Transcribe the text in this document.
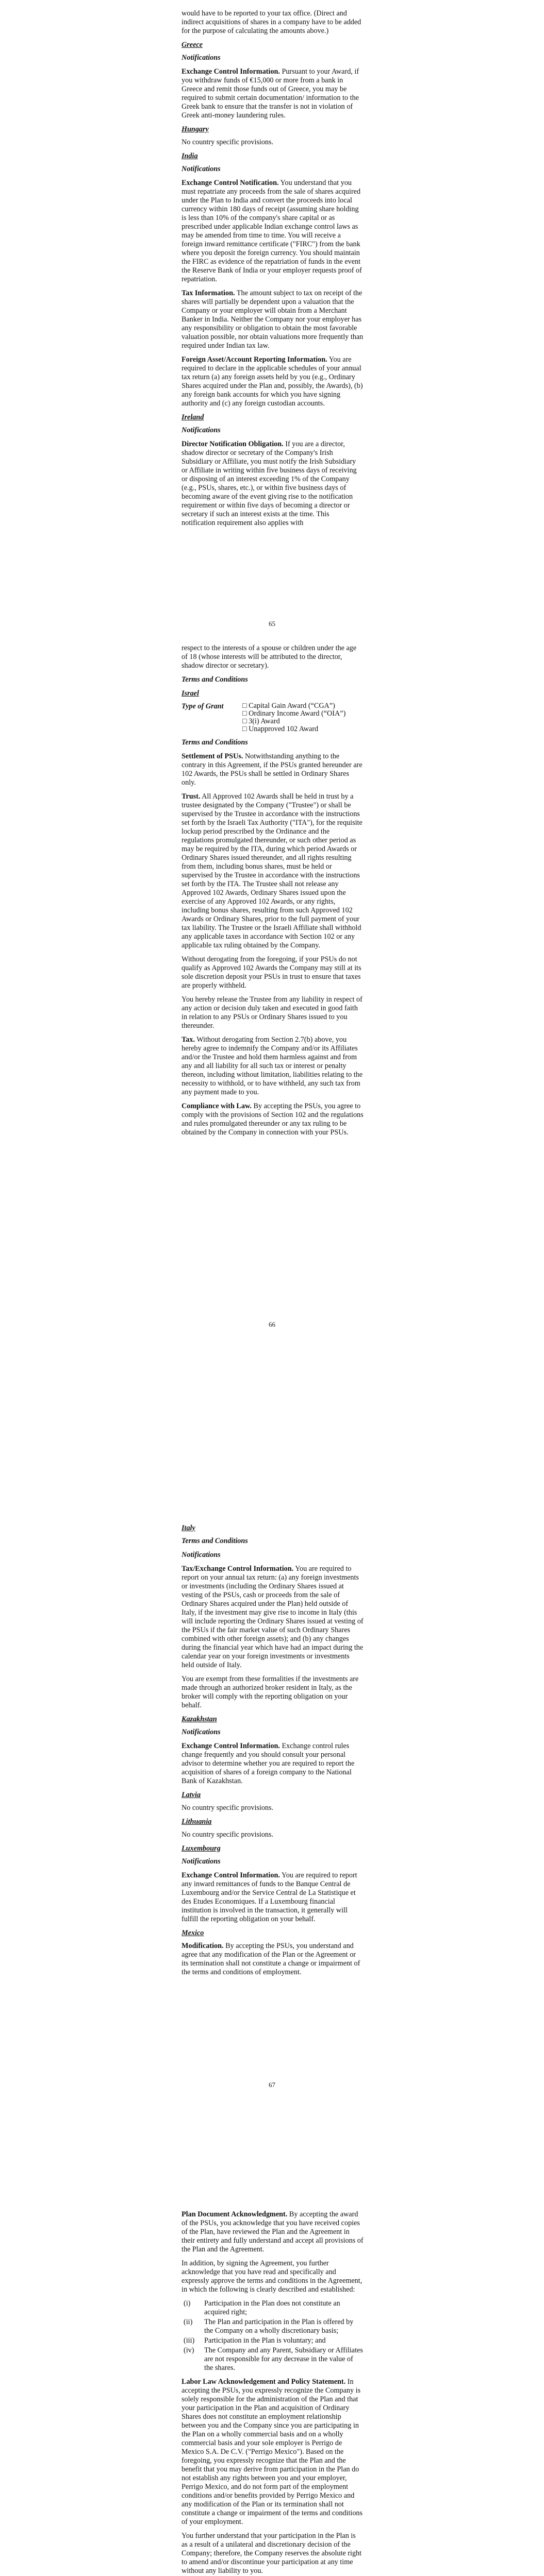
would have to be reported to your tax office. (Direct and indirect acquisitions of shares in a company have to be added for the purpose of calculating the amounts above.)

Greece
Notifications

Exchange Control Information. Pursuant to your Award, if you withdraw funds of €15,000 or more from a bank in Greece and remit those funds out of Greece, you may be required to submit certain documentation/ information to the Greek bank to ensure that the transfer is not in violation of Greek anti-money laundering rules.

Hungary

No country specific provisions.

India
Notifications

Exchange Control Notification. You understand that you must repatriate any proceeds from the sale of shares acquired under the Plan to India and convert the proceeds into local currency within 180 days of receipt (assuming share holding is less than 10% of the company's share capital or as prescribed under applicable Indian exchange control laws as may be amended from time to time. You will receive a foreign inward remittance certificate ("FIRC") from the bank where you deposit the foreign currency. You should maintain the FIRC as evidence of the repatriation of funds in the event the Reserve Bank of India or your employer requests proof of repatriation.

Tax Information. The amount subject to tax on receipt of the shares will partially be dependent upon a valuation that the Company or your employer will obtain from a Merchant Banker in India. Neither the Company nor your employer has any responsibility or obligation to obtain the most favorable valuation possible, nor obtain valuations more frequently than required under Indian tax law.

Foreign Asset/Account Reporting Information. You are required to declare in the applicable schedules of your annual tax return (a) any foreign assets held by you (e.g., Ordinary Shares acquired under the Plan and, possibly, the Awards), (b) any foreign bank accounts for which you have signing authority and (c) any foreign custodian accounts.

Ireland
Notifications

Director Notification Obligation. If you are a director, shadow director or secretary of the Company's Irish Subsidiary or Affiliate, you must notify the Irish Subsidiary or Affiliate in writing within five business days of receiving or disposing of an interest exceeding 1% of the Company (e.g., PSUs, shares, etc.), or within five business days of becoming aware of the event giving rise to the notification requirement or within five days of becoming a director or secretary if such an interest exists at the time. This notification requirement also applies with

65

respect to the interests of a spouse or children under the age of 18 (whose interests will be attributed to the director, shadow director or secretary).

Terms and Conditions
Israel
Type of Grant	□ Capital Gain Award (“CGA”)
□ Ordinary Income Award (“OIA”)
□ 3(i) Award
□ Unapproved 102 Award
Terms and Conditions

Settlement of PSUs. Notwithstanding anything to the contrary in this Agreement, if the PSUs granted hereunder are 102 Awards, the PSUs shall be settled in Ordinary Shares only.

Trust. All Approved 102 Awards shall be held in trust by a trustee designated by the Company ("Trustee") or shall be supervised by the Trustee in accordance with the instructions set forth by the Israeli Tax Authority ("ITA"), for the requisite lockup period prescribed by the Ordinance and the regulations promulgated thereunder, or such other period as may be required by the ITA, during which period Awards or Ordinary Shares issued thereunder, and all rights resulting from them, including bonus shares, must be held or supervised by the Trustee in accordance with the instructions set forth by the ITA. The Trustee shall not release any Approved 102 Awards, Ordinary Shares issued upon the exercise of any Approved 102 Awards, or any rights, including bonus shares, resulting from such Approved 102 Awards or Ordinary Shares, prior to the full payment of your tax liability. The Trustee or the Israeli Affiliate shall withhold any applicable taxes in accordance with Section 102 or any applicable tax ruling obtained by the Company.

Without derogating from the foregoing, if your PSUs do not qualify as Approved 102 Awards the Company may still at its sole discretion deposit your PSUs in trust to ensure that taxes are properly withheld.

You hereby release the Trustee from any liability in respect of any action or decision duly taken and executed in good faith in relation to any PSUs or Ordinary Shares issued to you thereunder.

Tax. Without derogating from Section 2.7(b) above, you hereby agree to indemnify the Company and/or its Affiliates and/or the Trustee and hold them harmless against and from any and all liability for all such tax or interest or penalty thereon, including without limitation, liabilities relating to the necessity to withhold, or to have withheld, any such tax from any payment made to you.

Compliance with Law. By accepting the PSUs, you agree to comply with the provisions of Section 102 and the regulations and rules promulgated thereunder or any tax ruling to be obtained by the Company in connection with your PSUs.

66
Italy
Terms and Conditions
Notifications

Tax/Exchange Control Information. You are required to report on your annual tax return: (a) any foreign investments or investments (including the Ordinary Shares issued at vesting of the PSUs, cash or proceeds from the sale of Ordinary Shares acquired under the Plan) held outside of Italy, if the investment may give rise to income in Italy (this will include reporting the Ordinary Shares issued at vesting of the PSUs if the fair market value of such Ordinary Shares combined with other foreign assets); and (b) any changes during the financial year which have had an impact during the calendar year on your foreign investments or investments held outside of Italy.

You are exempt from these formalities if the investments are made through an authorized broker resident in Italy, as the broker will comply with the reporting obligation on your behalf.

Kazakhstan
Notifications

Exchange Control Information. Exchange control rules change frequently and you should consult your personal advisor to determine whether you are required to report the acquisition of shares of a foreign company to the National Bank of Kazakhstan.

Latvia

No country specific provisions.

Lithuania

No country specific provisions.

Luxembourg
Notifications

Exchange Control Information. You are required to report any inward remittances of funds to the Banque Central de Luxembourg and/or the Service Central de La Statistique et des Etudes Economiques. If a Luxembourg financial institution is involved in the transaction, it generally will fulfill the reporting obligation on your behalf.

Mexico

Modification. By accepting the PSUs, you understand and agree that any modification of the Plan or the Agreement or its termination shall not constitute a change or impairment of the terms and conditions of employment.

67

Plan Document Acknowledgment. By accepting the award of the PSUs, you acknowledge that you have received copies of the Plan, have reviewed the Plan and the Agreement in their entirety and fully understand and accept all provisions of the Plan and the Agreement.

In addition, by signing the Agreement, you further acknowledge that you have read and specifically and expressly approve the terms and conditions in the Agreement, in which the following is clearly described and established:

(i)	Participation in the Plan does not constitute an acquired right;
(ii)	The Plan and participation in the Plan is offered by the Company on a wholly discretionary basis;
(iii)	Participation in the Plan is voluntary; and
(iv)	The Company and any Parent, Subsidiary or Affiliates are not responsible for any decrease in the value of the shares.

Labor Law Acknowledgement and Policy Statement. In accepting the PSUs, you expressly recognize the Company is solely responsible for the administration of the Plan and that your participation in the Plan and acquisition of Ordinary Shares does not constitute an employment relationship between you and the Company since you are participating in the Plan on a wholly commercial basis and on a wholly commercial basis and your sole employer is Perrigo de Mexico S.A. De C.V. ("Perrigo Mexico"). Based on the foregoing, you expressly recognize that the Plan and the benefit that you may derive from participation in the Plan do not establish any rights between you and your employer, Perrigo Mexico, and do not form part of the employment conditions and/or benefits provided by Perrigo Mexico and any modification of the Plan or its termination shall not constitute a change or impairment of the terms and conditions of your employment.

You further understand that your participation in the Plan is as a result of a unilateral and discretionary decision of the Company; therefore, the Company reserves the absolute right to amend and/or discontinue your participation at any time without any liability to you.
